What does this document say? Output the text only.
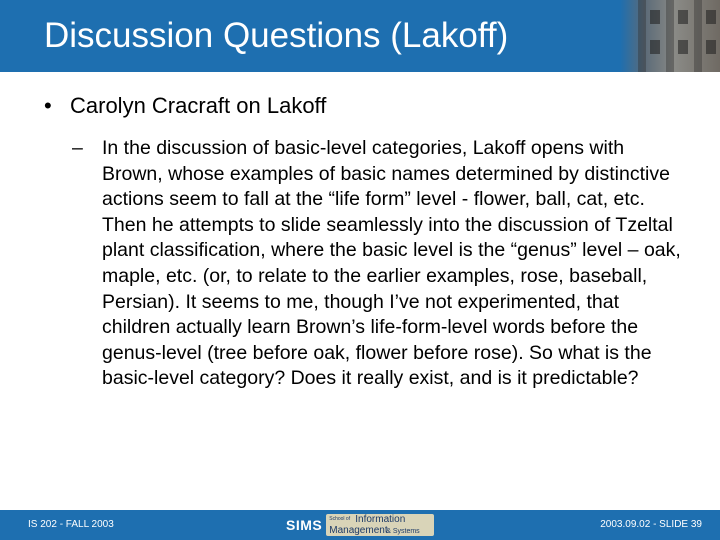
Discussion Questions (Lakoff)
• Carolyn Cracraft on Lakoff
– In the discussion of basic-level categories, Lakoff opens with Brown, whose examples of basic names determined by distinctive actions seem to fall at the “life form” level - flower, ball, cat, etc. Then he attempts to slide seamlessly into the discussion of Tzeltal plant classification, where the basic level is the “genus” level – oak, maple, etc. (or, to relate to the earlier examples, rose, baseball, Persian). It seems to me, though I’ve not experimented, that children actually learn Brown’s life-form-level words before the genus-level (tree before oak, flower before rose). So what is the basic-level category? Does it really exist, and is it predictable?
IS 202 - FALL 2003	SIMS School of Information
Management
& Systems
2003.09.02 - SLIDE 39
